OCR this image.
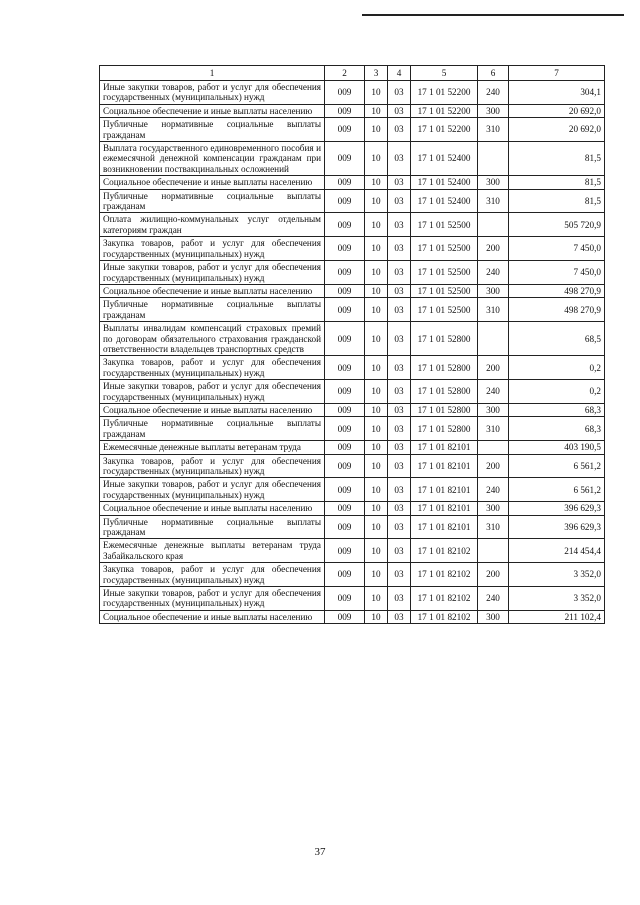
1	2	3	4	5	6	7
Иные закупки товаров, работ и услуг для обеспечения государственных (муниципальных) нужд	009	10	03	17 1 01 52200	240	304,1
Социальное обеспечение и иные выплаты населению	009	10	03	17 1 01 52200	300	20 692,0
Публичные нормативные социальные выплаты гражданам	009	10	03	17 1 01 52200	310	20 692,0
Выплата государственного единовременного пособия и ежемесячной денежной компенсации гражданам при возникновении поствакцинальных осложнений	009	10	03	17 1 01 52400		81,5
Социальное обеспечение и иные выплаты населению	009	10	03	17 1 01 52400	300	81,5
Публичные нормативные социальные выплаты гражданам	009	10	03	17 1 01 52400	310	81,5
Оплата жилищно-коммунальных услуг отдельным категориям граждан	009	10	03	17 1 01 52500		505 720,9
Закупка товаров, работ и услуг для обеспечения государственных (муниципальных) нужд	009	10	03	17 1 01 52500	200	7 450,0
Иные закупки товаров, работ и услуг для обеспечения государственных (муниципальных) нужд	009	10	03	17 1 01 52500	240	7 450,0
Социальное обеспечение и иные выплаты населению	009	10	03	17 1 01 52500	300	498 270,9
Публичные нормативные социальные выплаты гражданам	009	10	03	17 1 01 52500	310	498 270,9
Выплаты инвалидам компенсаций страховых премий по договорам обязательного страхования гражданской ответственности владельцев транспортных средств	009	10	03	17 1 01 52800		68,5
Закупка товаров, работ и услуг для обеспечения государственных (муниципальных) нужд	009	10	03	17 1 01 52800	200	0,2
Иные закупки товаров, работ и услуг для обеспечения государственных (муниципальных) нужд	009	10	03	17 1 01 52800	240	0,2
Социальное обеспечение и иные выплаты населению	009	10	03	17 1 01 52800	300	68,3
Публичные нормативные социальные выплаты гражданам	009	10	03	17 1 01 52800	310	68,3
Ежемесячные денежные выплаты ветеранам труда	009	10	03	17 1 01 82101		403 190,5
Закупка товаров, работ и услуг для обеспечения государственных (муниципальных) нужд	009	10	03	17 1 01 82101	200	6 561,2
Иные закупки товаров, работ и услуг для обеспечения государственных (муниципальных) нужд	009	10	03	17 1 01 82101	240	6 561,2
Социальное обеспечение и иные выплаты населению	009	10	03	17 1 01 82101	300	396 629,3
Публичные нормативные социальные выплаты гражданам	009	10	03	17 1 01 82101	310	396 629,3
Ежемесячные денежные выплаты ветеранам труда Забайкальского края	009	10	03	17 1 01 82102		214 454,4
Закупка товаров, работ и услуг для обеспечения государственных (муниципальных) нужд	009	10	03	17 1 01 82102	200	3 352,0
Иные закупки товаров, работ и услуг для обеспечения государственных (муниципальных) нужд	009	10	03	17 1 01 82102	240	3 352,0
Социальное обеспечение и иные выплаты населению	009	10	03	17 1 01 82102	300	211 102,4
37
